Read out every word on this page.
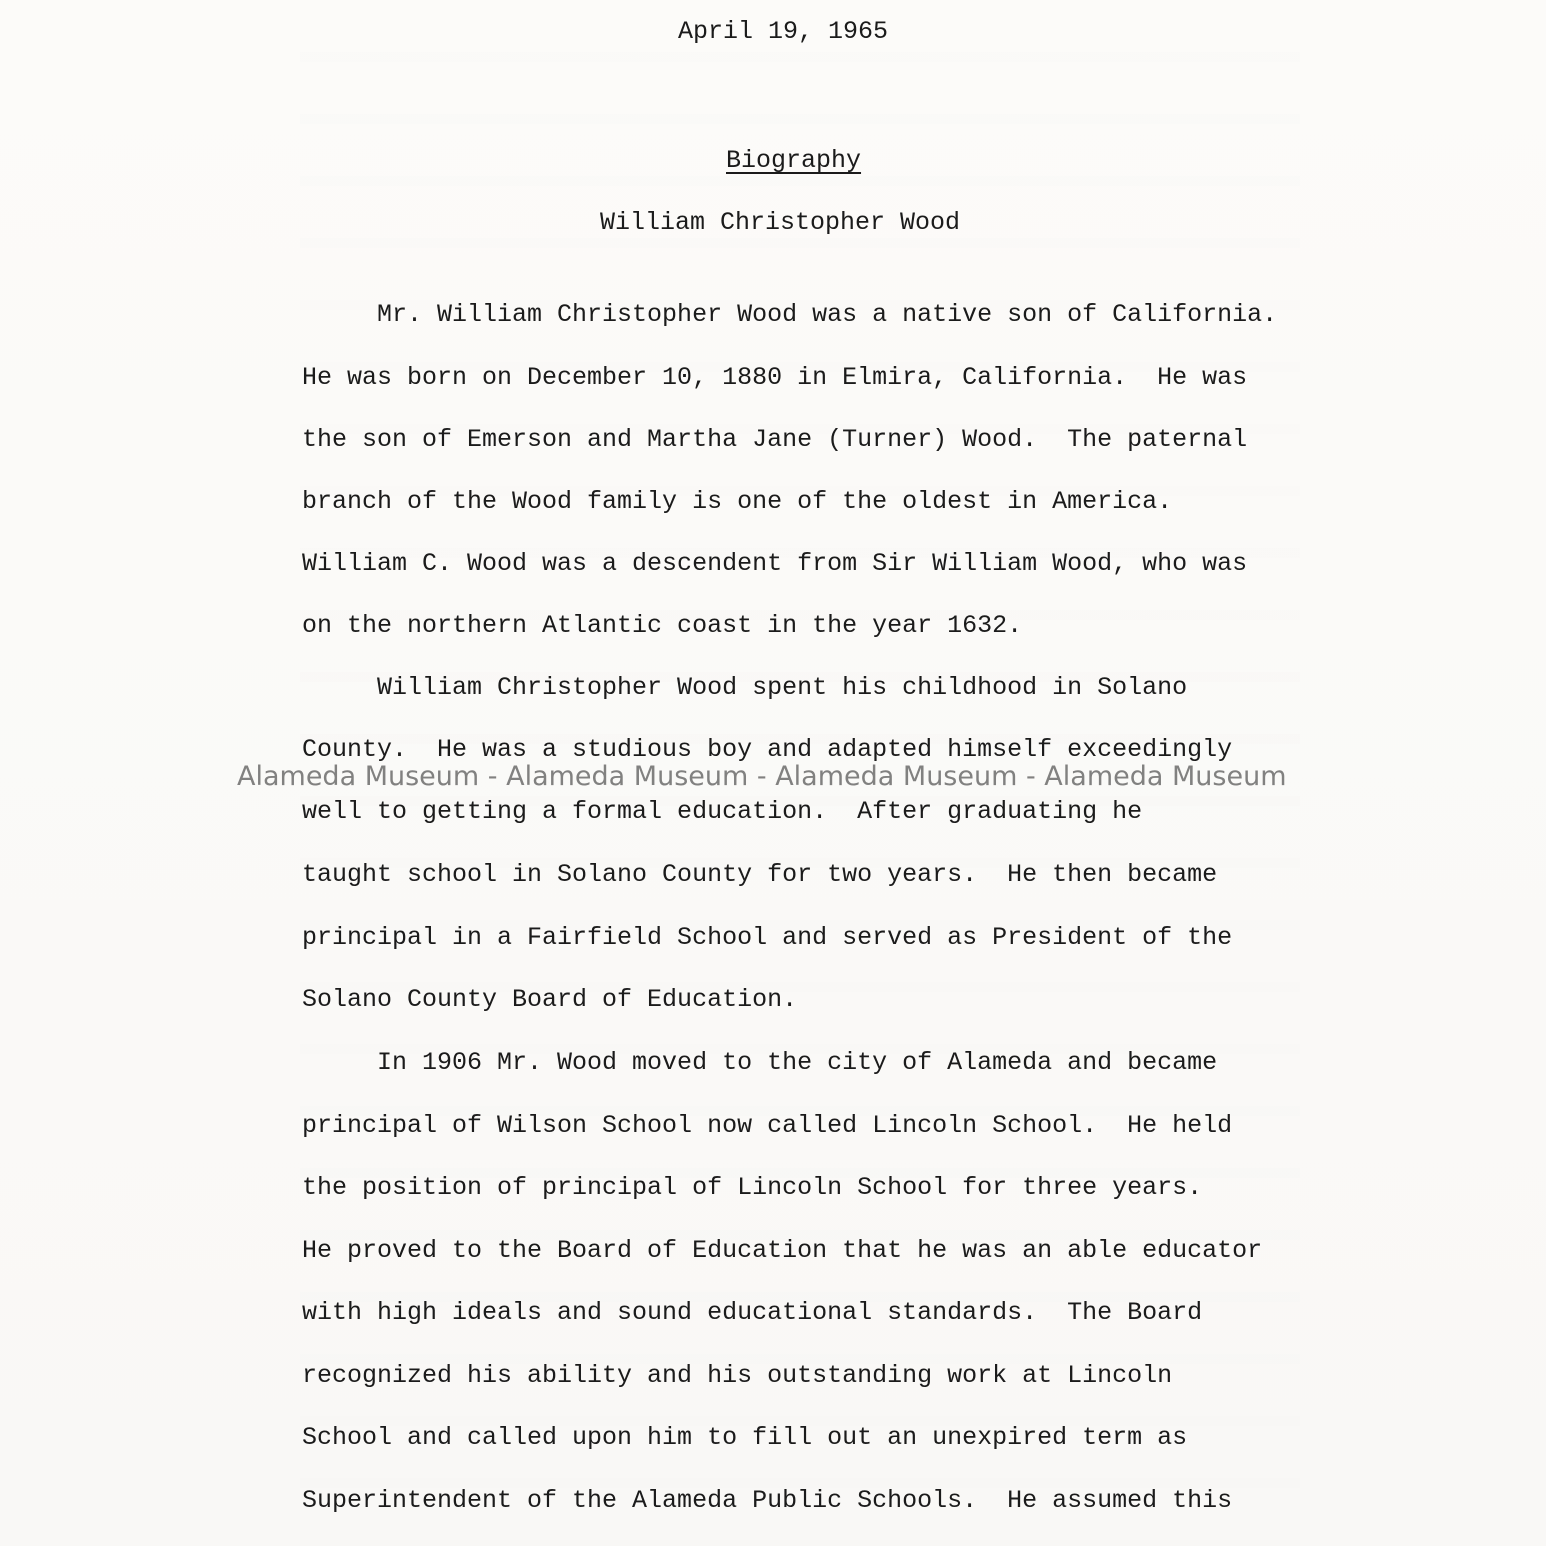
April 19, 1965
Biography
William Christopher Wood
Mr. William Christopher Wood was a native son of California.
He was born on December 10, 1880 in Elmira, California.  He was
the son of Emerson and Martha Jane (Turner) Wood.  The paternal
branch of the Wood family is one of the oldest in America.
William C. Wood was a descendent from Sir William Wood, who was
on the northern Atlantic coast in the year 1632.
William Christopher Wood spent his childhood in Solano
County.  He was a studious boy and adapted himself exceedingly
well to getting a formal education.  After graduating he
taught school in Solano County for two years.  He then became
principal in a Fairfield School and served as President of the
Solano County Board of Education.
In 1906 Mr. Wood moved to the city of Alameda and became
principal of Wilson School now called Lincoln School.  He held
the position of principal of Lincoln School for three years.
He proved to the Board of Education that he was an able educator
with high ideals and sound educational standards.  The Board
recognized his ability and his outstanding work at Lincoln
School and called upon him to fill out an unexpired term as
Superintendent of the Alameda Public Schools.  He assumed this
Alameda Museum - Alameda Museum - Alameda Museum - Alameda Museum
